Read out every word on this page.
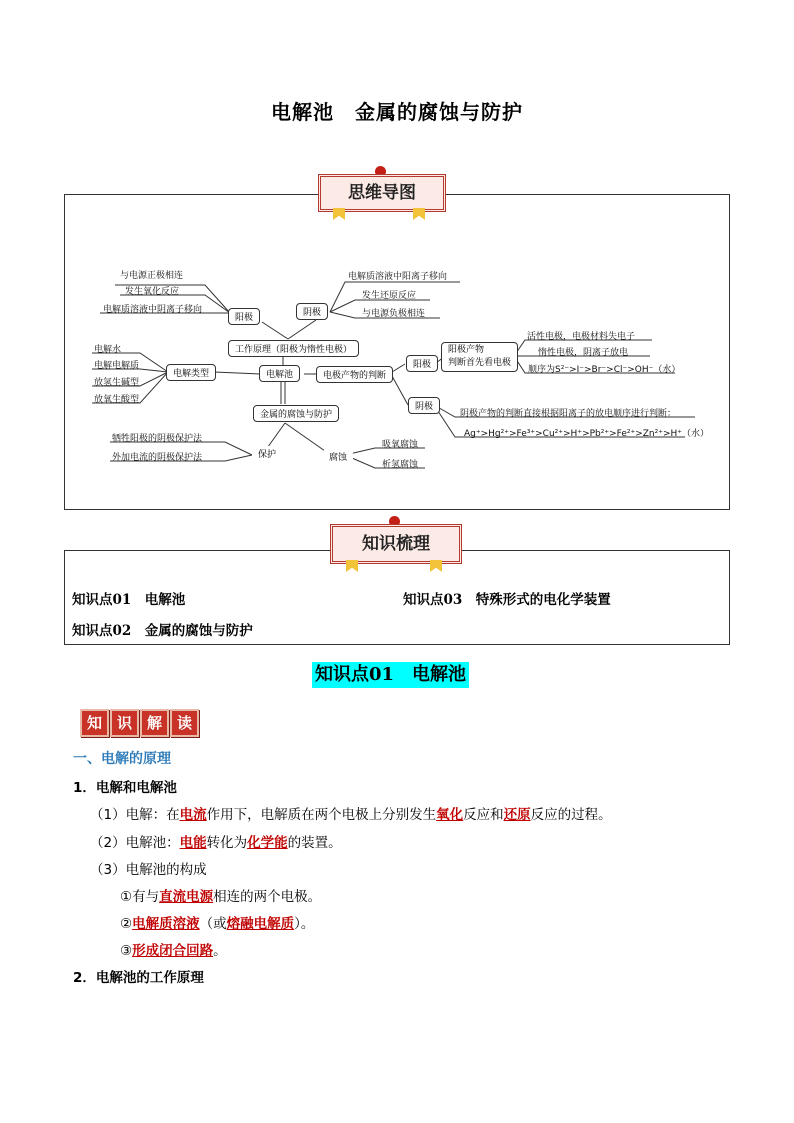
电解池　金属的腐蚀与防护
思维导图
电解池
工作原理（阳极为惰性电极）
阳极	阴极
电解类型	电极产物的判断
阳极
阳极产物
判断首先看电极
阴极
金属的腐蚀与防护
保护	腐蚀
与电源正极相连
发生氧化反应
电解质溶液中阴离子移向
电解质溶液中阳离子移向
发生还原反应
与电源负极相连
电解水
电解电解质
放氢生碱型
放氧生酸型
活性电极，电极材料失电子
惰性电极，阴离子放电
顺序为S²⁻>I⁻>Br⁻>Cl⁻>OH⁻（水）
阴极产物的判断直接根据阳离子的放电顺序进行判断：
Ag⁺>Hg²⁺>Fe³⁺>Cu²⁺>H⁺>Pb²⁺>Fe²⁺>Zn²⁺>H⁺（水）
牺牲阳极的阴极保护法
外加电流的阴极保护法
吸氧腐蚀
析氢腐蚀
知识梳理
知识点01　电解池
知识点02　金属的腐蚀与防护
知识点03　特殊形式的电化学装置
知识点01　电解池
知 识 解 读
一、电解的原理
1．电解和电解池
（1）电解：在电流作用下，电解质在两个电极上分别发生氧化反应和还原反应的过程。
（2）电解池：电能转化为化学能的装置。
（3）电解池的构成
①有与直流电源相连的两个电极。
②电解质溶液（或熔融电解质）。
③形成闭合回路。
2．电解池的工作原理
